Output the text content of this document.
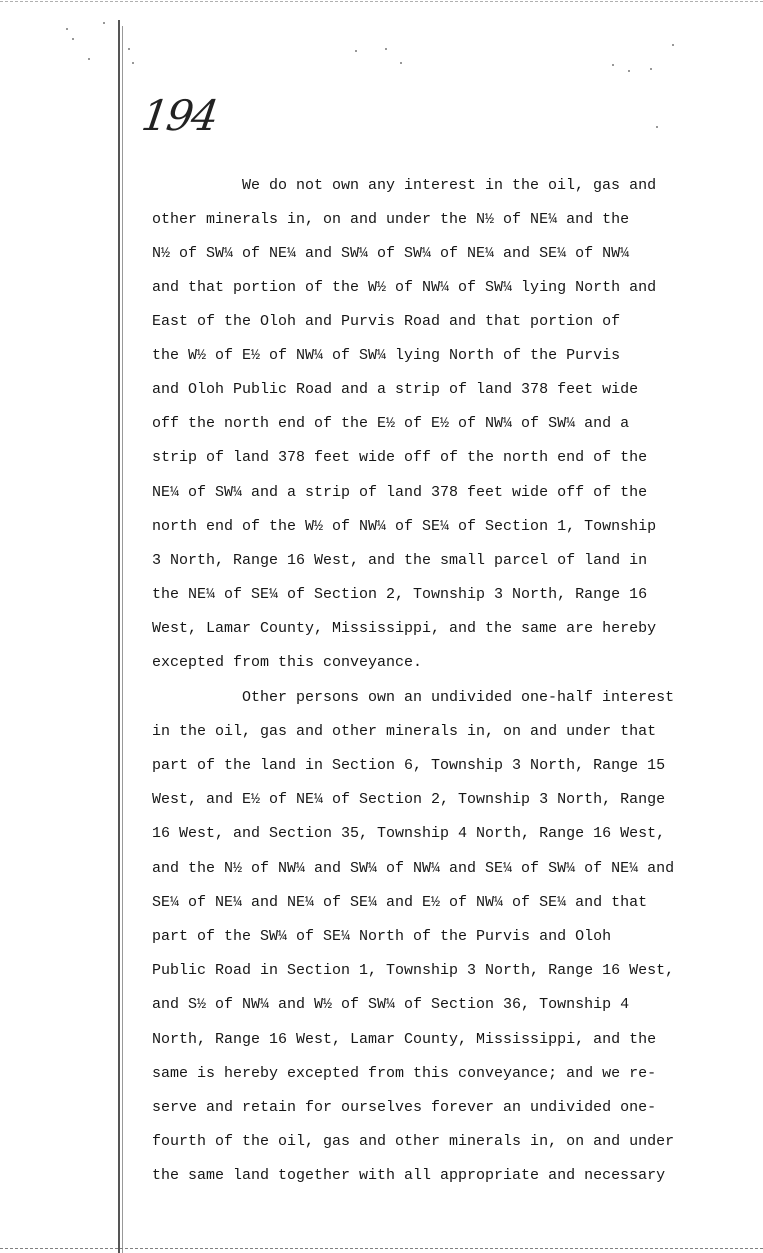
194
We do not own any interest in the oil, gas and
other minerals in, on and under the N½ of NE¼ and the
N½ of SW¼ of NE¼ and SW¼ of SW¼ of NE¼ and SE¼ of NW¼
and that portion of the W½ of NW¼ of SW¼ lying North and
East of the Oloh and Purvis Road and that portion of
the W½ of E½ of NW¼ of SW¼ lying North of the Purvis
and Oloh Public Road and a strip of land 378 feet wide
off the north end of the E½ of E½ of NW¼ of SW¼ and a
strip of land 378 feet wide off of the north end of the
NE¼ of SW¼ and a strip of land 378 feet wide off of the
north end of the W½ of NW¼ of SE¼ of Section 1, Township
3 North, Range 16 West, and the small parcel of land in
the NE¼ of SE¼ of Section 2, Township 3 North, Range 16
West, Lamar County, Mississippi, and the same are hereby
excepted from this conveyance.
Other persons own an undivided one-half interest
in the oil, gas and other minerals in, on and under that
part of the land in Section 6, Township 3 North, Range 15
West, and E½ of NE¼ of Section 2, Township 3 North, Range
16 West, and Section 35, Township 4 North, Range 16 West,
and the N½ of NW¼ and SW¼ of NW¼ and SE¼ of SW¼ of NE¼ and
SE¼ of NE¼ and NE¼ of SE¼ and E½ of NW¼ of SE¼ and that
part of the SW¼ of SE¼ North of the Purvis and Oloh
Public Road in Section 1, Township 3 North, Range 16 West,
and S½ of NW¼ and W½ of SW¼ of Section 36, Township 4
North, Range 16 West, Lamar County, Mississippi, and the
same is hereby excepted from this conveyance; and we re-
serve and retain for ourselves forever an undivided one-
fourth of the oil, gas and other minerals in, on and under
the same land together with all appropriate and necessary
